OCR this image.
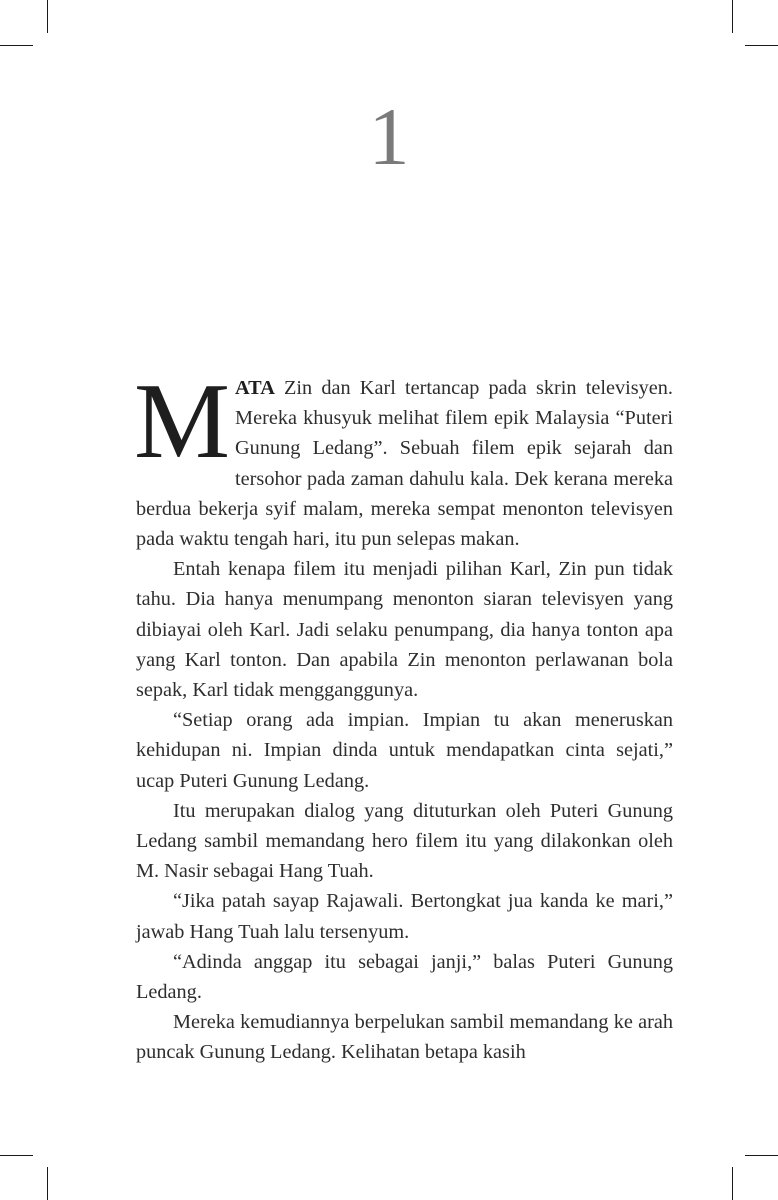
1

MATA Zin dan Karl tertancap pada skrin televisyen. Mereka khusyuk melihat filem epik Malaysia “Puteri Gunung Ledang”. Sebuah filem epik sejarah dan tersohor pada zaman dahulu kala. Dek kerana mereka berdua bekerja syif malam, mereka sempat menonton televisyen pada waktu tengah hari, itu pun selepas makan.

Entah kenapa filem itu menjadi pilihan Karl, Zin pun tidak tahu. Dia hanya menumpang menonton siaran televisyen yang dibiayai oleh Karl. Jadi selaku penumpang, dia hanya tonton apa yang Karl tonton. Dan apabila Zin menonton perlawanan bola sepak, Karl tidak mengganggunya.

“Setiap orang ada impian. Impian tu akan meneruskan kehidupan ni. Impian dinda untuk mendapatkan cinta sejati,” ucap Puteri Gunung Ledang.

Itu merupakan dialog yang dituturkan oleh Puteri Gunung Ledang sambil memandang hero filem itu yang dilakonkan oleh M. Nasir sebagai Hang Tuah.

“Jika patah sayap Rajawali. Bertongkat jua kanda ke mari,” jawab Hang Tuah lalu tersenyum.

“Adinda anggap itu sebagai janji,” balas Puteri Gunung Ledang.

Mereka kemudiannya berpelukan sambil memandang ke arah puncak Gunung Ledang. Kelihatan betapa kasih
